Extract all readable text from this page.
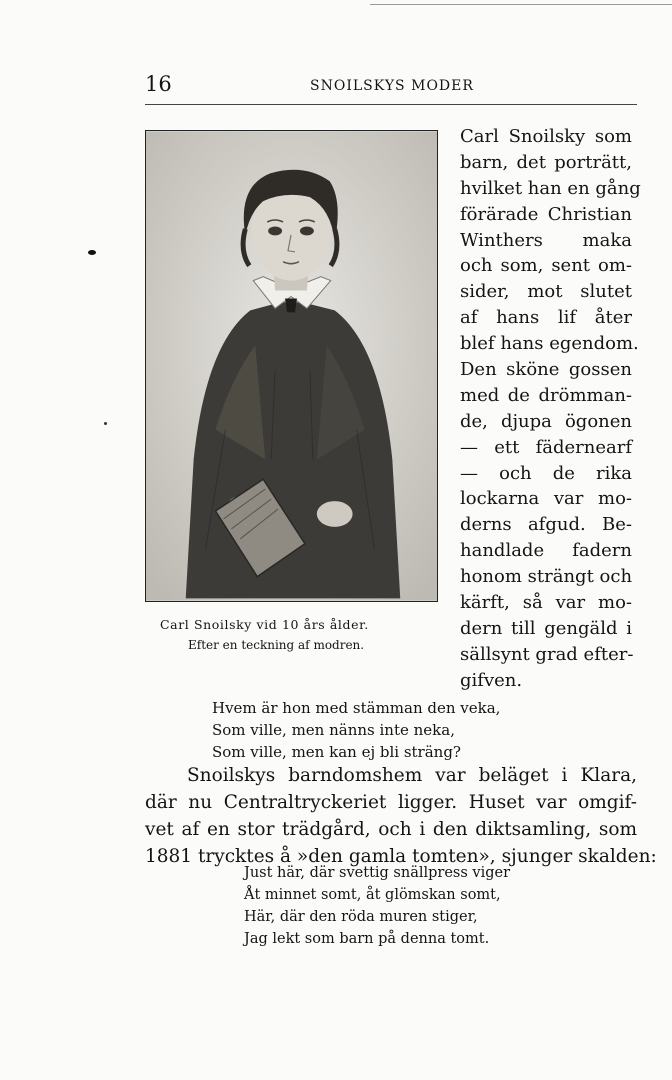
16	SNOILSKYS MODER
Carl Snoilsky vid 10 års ålder.
Efter en teckning af modren.
Carl Snoilsky som
barn, det porträtt,
hvilket han en gång
förärade Christian
Winthers maka
och som, sent om-
sider, mot slutet
af hans lif åter
blef hans egendom.
Den sköne gossen
med de drömman-
de, djupa ögonen
— ett fädernearf
— och de rika
lockarna var mo-
derns afgud. Be-
handlade fadern
honom strängt och
kärft, så var mo-
dern till gengäld i
sällsynt grad efter-
gifven.
Hvem är hon med stämman den veka,
Som ville, men nänns inte neka,
Som ville, men kan ej bli sträng?
Snoilskys barndomshem var beläget i Klara,
där nu Centraltryckeriet ligger. Huset var omgif-
vet af en stor trädgård, och i den diktsamling, som
1881 trycktes å »den gamla tomten», sjunger skalden:
Just här, där svettig snällpress viger
Åt minnet somt, åt glömskan somt,
Här, där den röda muren stiger,
Jag lekt som barn på denna tomt.
